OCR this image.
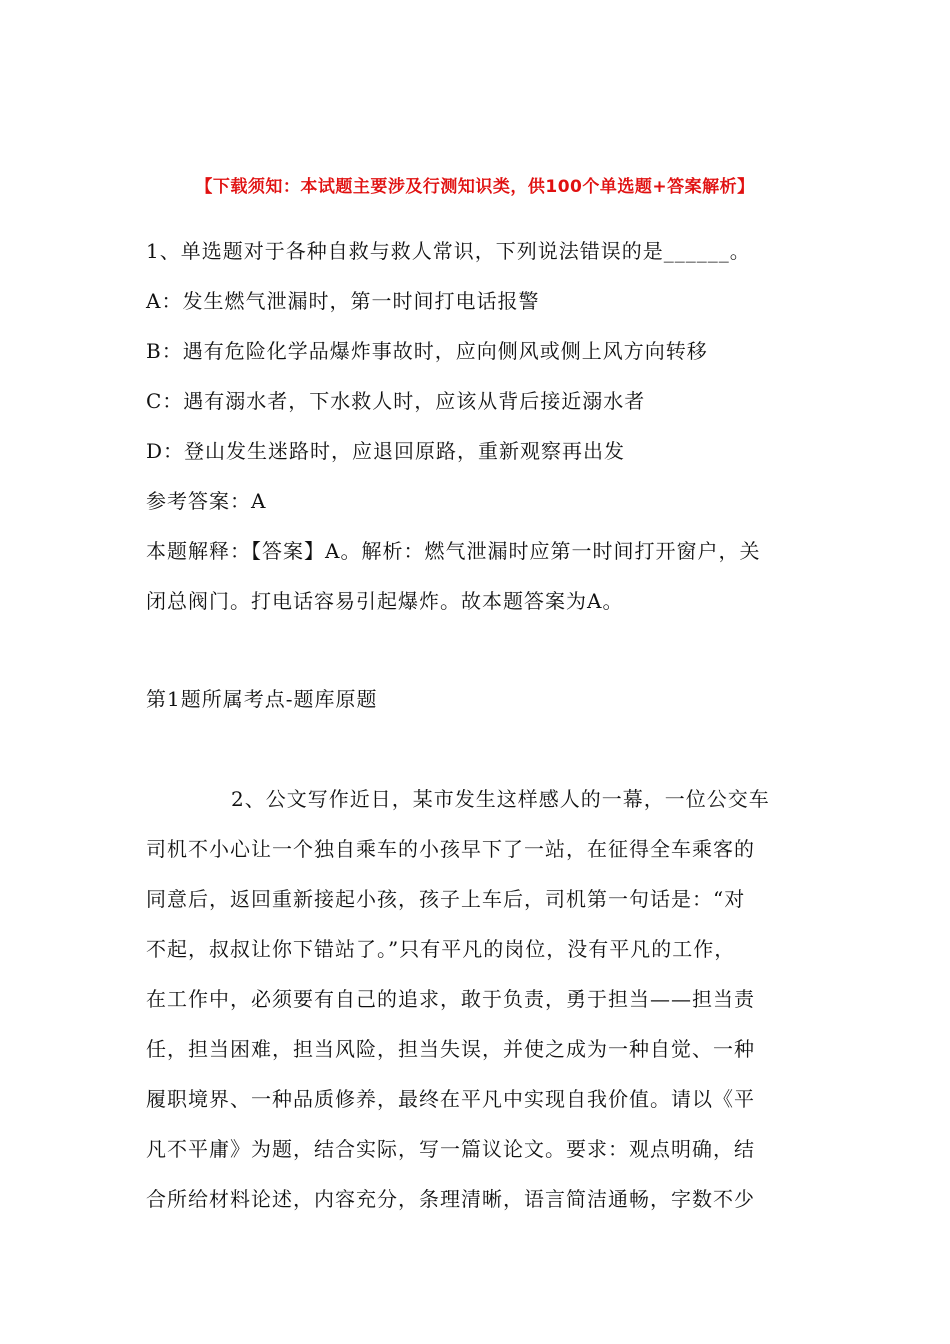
【下载须知：本试题主要涉及行测知识类，供100个单选题+答案解析】
1、单选题对于各种自救与救人常识，下列说法错误的是______。
A：发生燃气泄漏时，第一时间打电话报警
B：遇有危险化学品爆炸事故时，应向侧风或侧上风方向转移
C：遇有溺水者，下水救人时，应该从背后接近溺水者
D：登山发生迷路时，应退回原路，重新观察再出发
参考答案：A
本题解释：【答案】A。解析：燃气泄漏时应第一时间打开窗户，关
闭总阀门。打电话容易引起爆炸。故本题答案为A。
第1题所属考点-题库原题
2、公文写作近日，某市发生这样感人的一幕，一位公交车
司机不小心让一个独自乘车的小孩早下了一站，在征得全车乘客的
同意后，返回重新接起小孩，孩子上车后，司机第一句话是：“对
不起，叔叔让你下错站了。”只有平凡的岗位，没有平凡的工作，
在工作中，必须要有自己的追求，敢于负责，勇于担当——担当责
任，担当困难，担当风险，担当失误，并使之成为一种自觉、一种
履职境界、一种品质修养，最终在平凡中实现自我价值。请以《平
凡不平庸》为题，结合实际，写一篇议论文。要求：观点明确，结
合所给材料论述，内容充分，条理清晰，语言简洁通畅，字数不少
